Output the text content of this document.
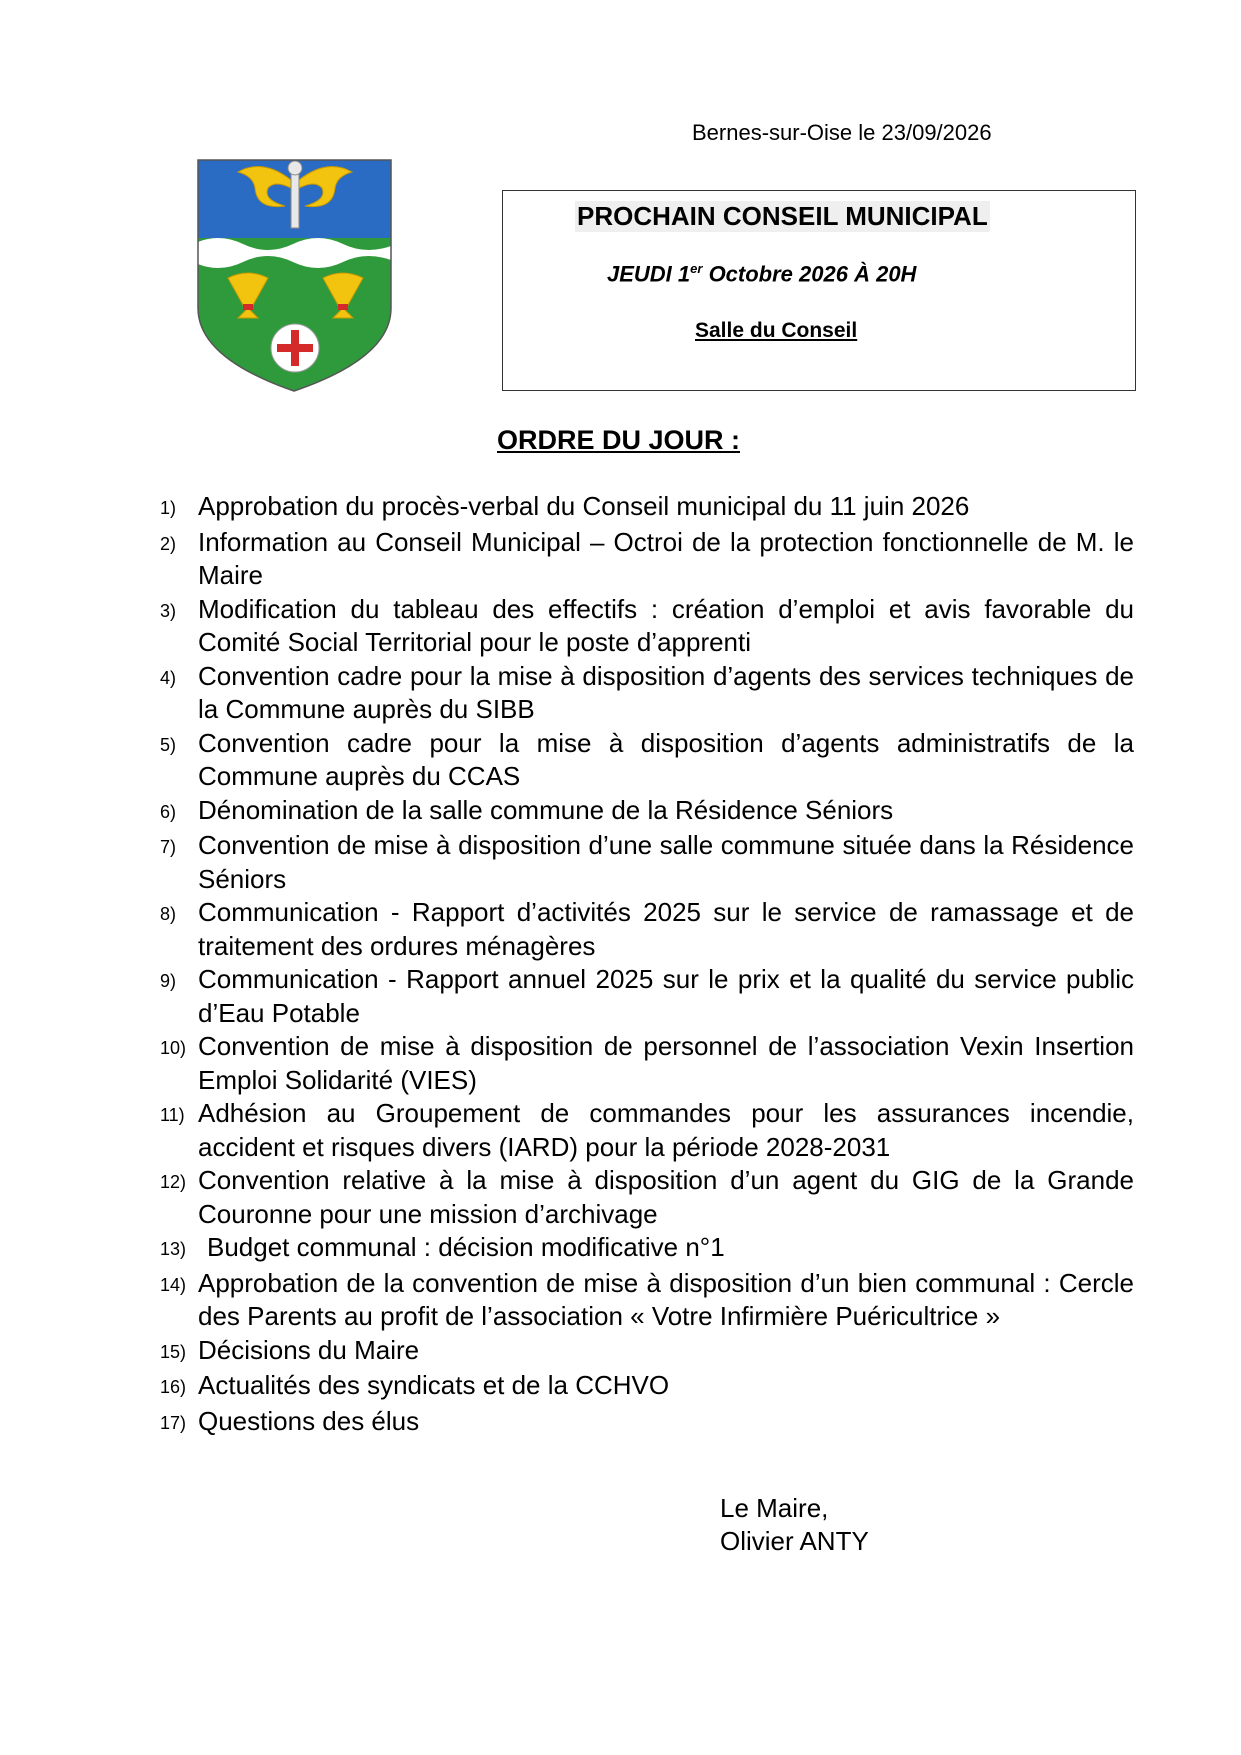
Bernes-sur-Oise le 23/09/2026
PROCHAIN CONSEIL MUNICIPAL
JEUDI 1er Octobre 2026 À 20H
Salle du Conseil
ORDRE DU JOUR :
1) Approbation du procès-verbal du Conseil municipal du 11 juin 2026
2) Information au Conseil Municipal – Octroi de la protection fonctionnelle de M. le Maire
3) Modification du tableau des effectifs : création d’emploi et avis favorable du Comité Social Territorial pour le poste d’apprenti
4) Convention cadre pour la mise à disposition d’agents des services techniques de la Commune auprès du SIBB
5) Convention cadre pour la mise à disposition d’agents administratifs de la Commune auprès du CCAS
6) Dénomination de la salle commune de la Résidence Séniors
7) Convention de mise à disposition d’une salle commune située dans la Résidence Séniors
8) Communication - Rapport d’activités 2025 sur le service de ramassage et de traitement des ordures ménagères
9) Communication - Rapport annuel 2025 sur le prix et la qualité du service public d’Eau Potable
10) Convention de mise à disposition de personnel de l’association Vexin Insertion Emploi Solidarité (VIES)
11) Adhésion au Groupement de commandes pour les assurances incendie, accident et risques divers (IARD) pour la période 2028-2031
12) Convention relative à la mise à disposition d’un agent du GIG de la Grande Couronne pour une mission d’archivage
13) Budget communal : décision modificative n°1
14) Approbation de la convention de mise à disposition d’un bien communal : Cercle des Parents au profit de l’association « Votre Infirmière Puéricultrice »
15) Décisions du Maire
16) Actualités des syndicats et de la CCHVO
17) Questions des élus
Le Maire,
Olivier ANTY
